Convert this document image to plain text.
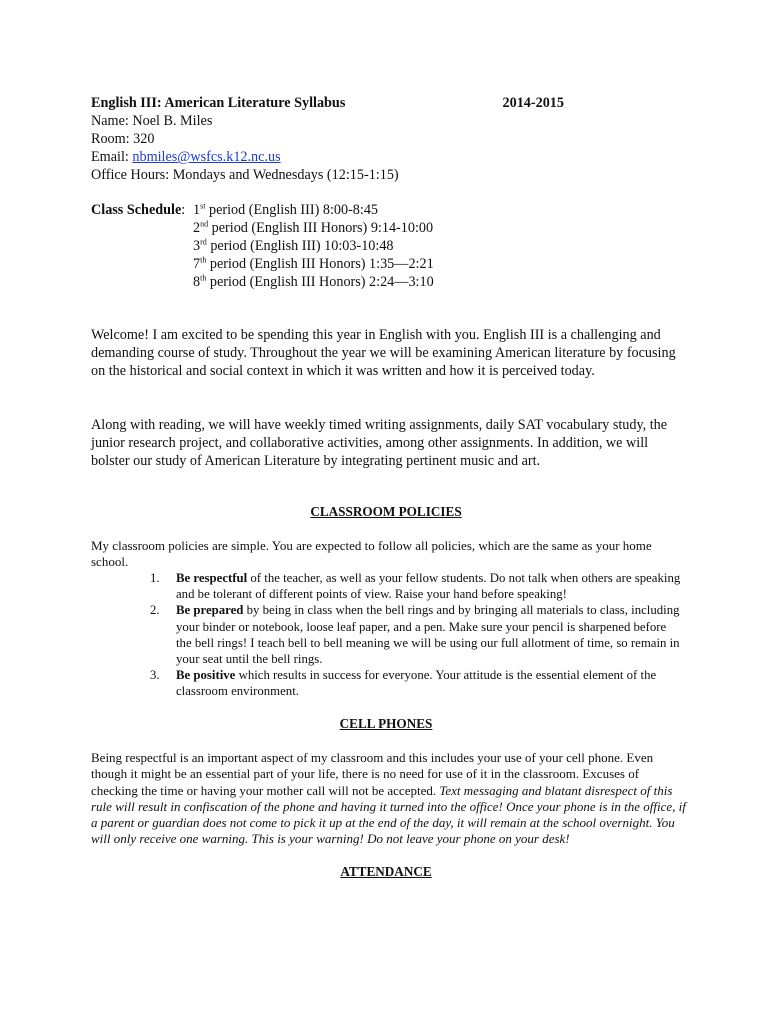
English III: American Literature Syllabus	2014-2015
Name: Noel B. Miles
Room: 320
Email: nbmiles@wsfcs.k12.nc.us
Office Hours: Mondays and Wednesdays (12:15-1:15)
Class Schedule: 1st period (English III) 8:00-8:45
2nd period (English III Honors) 9:14-10:00
3rd period (English III) 10:03-10:48
7th period (English III Honors) 1:35—2:21
8th period (English III Honors) 2:24—3:10
Welcome! I am excited to be spending this year in English with you. English III is a challenging and demanding course of study. Throughout the year we will be examining American literature by focusing on the historical and social context in which it was written and how it is perceived today.
Along with reading, we will have weekly timed writing assignments, daily SAT vocabulary study, the junior research project, and collaborative activities, among other assignments. In addition, we will bolster our study of American Literature by integrating pertinent music and art.
CLASSROOM POLICIES
My classroom policies are simple. You are expected to follow all policies, which are the same as your home school.
1.	Be respectful of the teacher, as well as your fellow students. Do not talk when others are speaking and be tolerant of different points of view. Raise your hand before speaking!
2.	Be prepared by being in class when the bell rings and by bringing all materials to class, including your binder or notebook, loose leaf paper, and a pen. Make sure your pencil is sharpened before the bell rings! I teach bell to bell meaning we will be using our full allotment of time, so remain in your seat until the bell rings.
3.	Be positive which results in success for everyone. Your attitude is the essential element of the classroom environment.
CELL PHONES
Being respectful is an important aspect of my classroom and this includes your use of your cell phone. Even though it might be an essential part of your life, there is no need for use of it in the classroom. Excuses of checking the time or having your mother call will not be accepted. Text messaging and blatant disrespect of this rule will result in confiscation of the phone and having it turned into the office! Once your phone is in the office, if a parent or guardian does not come to pick it up at the end of the day, it will remain at the school overnight. You will only receive one warning. This is your warning! Do not leave your phone on your desk!
ATTENDANCE
